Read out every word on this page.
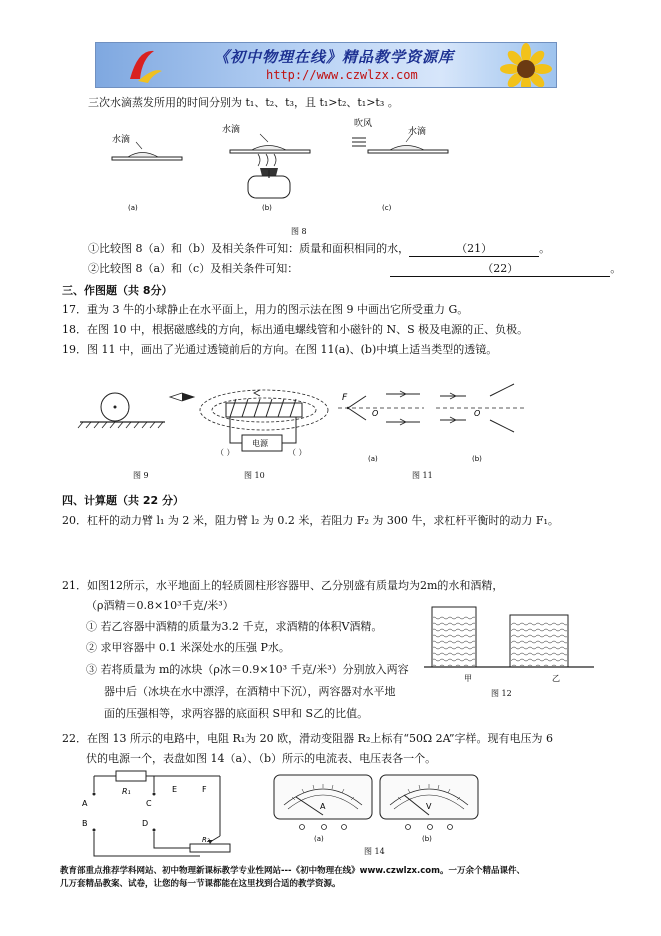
《初中物理在线》精品教学资源库
http://www.czwlzx.com
三次水滴蒸发所用的时间分别为 t₁、t₂、t₃，且 t₁>t₂、t₁>t₃ 。
水滴
(a)
水滴
(b)
吹风
水滴
(c)
图 8
①比较图 8（a）和（b）及相关条件可知：质量和面积相同的水，	（21）	。
②比较图 8（a）和（c）及相关条件可知：	（22）	。
三、作图题（共 8分）
17．重为 3 牛的小球静止在水平面上，用力的图示法在图 9 中画出它所受重力 G。
18．在图 10 中，根据磁感线的方向，标出通电螺线管和小磁针的 N、S 极及电源的正、负极。
19．图 11 中，画出了光通过透镜前后的方向。在图 11(a)、(b)中填上适当类型的透镜。
图 9
电源
（ ）	（ ）
图 10
F
O
(a)
O
(b)
图 11
四、计算题（共 22 分）
20．杠杆的动力臂 l₁ 为 2 米，阻力臂 l₂ 为 0.2 米，若阻力 F₂ 为 300 牛，求杠杆平衡时的动力 F₁。
21．如图12所示，水平地面上的轻质圆柱形容器甲、乙分别盛有质量均为2m的水和酒精，
（ρ酒精＝0.8×10³千克/米³）
① 若乙容器中酒精的质量为3.2 千克，求酒精的体积V酒精。
② 求甲容器中 0.1 米深处水的压强 P水。
③ 若将质量为 m的冰块（ρ冰＝0.9×10³ 千克/米³）分别放入两容
器中后（冰块在水中漂浮，在酒精中下沉），两容器对水平地
面的压强相等，求两容器的底面积 S甲和 S乙的比值。
甲	乙
图 12
22．在图 13 所示的电路中，电阻 R₁为 20 欧，滑动变阻器 R₂上标有“50Ω 2A”字样。现有电压为 6
伏的电源一个，表盘如图 14（a）、（b）所示的电流表、电压表各一个。
R₁
A	C
E	F
B	D
R₂
A	V
(a)	(b)
图 14
教育部重点推荐学科网站、初中物理新课标教学专业性网站---《初中物理在线》www.czwlzx.com。一万余个精品课件、
几万套精品教案、试卷，让您的每一节课都能在这里找到合适的教学资源。
